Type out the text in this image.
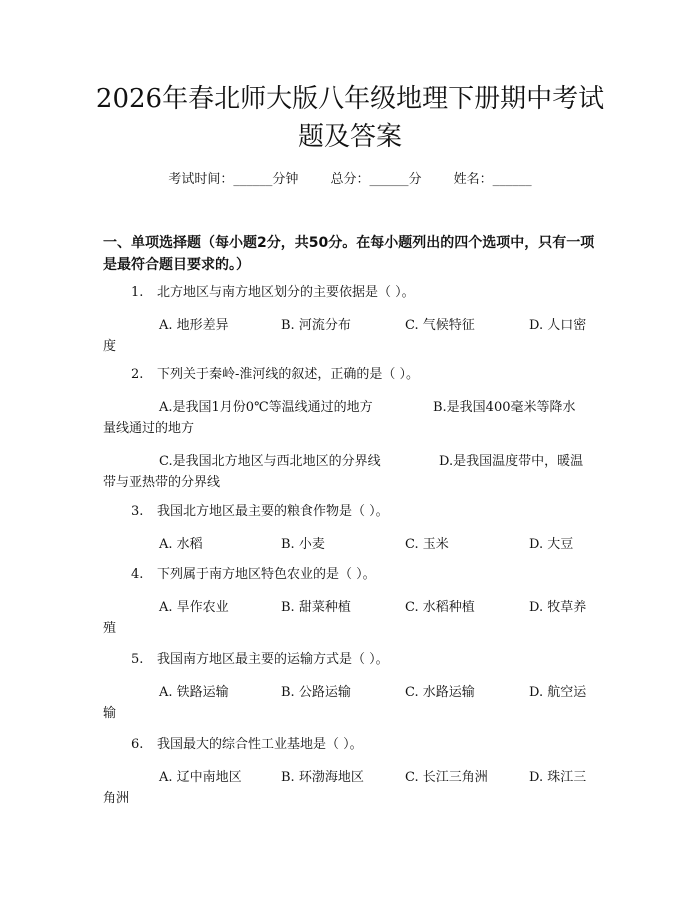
2026年春北师大版八年级地理下册期中考试题及答案
考试时间：______分钟 总分：______分 姓名：______
一、单项选择题（每小题2分，共50分。在每小题列出的四个选项中，只有一项
是最符合题目要求的。）
1. 北方地区与南方地区划分的主要依据是（ ）。
A. 地形差异	B. 河流分布	C. 气候特征	D. 人口密
度
2. 下列关于秦岭-淮河线的叙述，正确的是（ ）。
A.是我国1月份0℃等温线通过的地方	B.是我国400毫米等降水
量线通过的地方
C.是我国北方地区与西北地区的分界线	D.是我国温度带中，暖温
带与亚热带的分界线
3. 我国北方地区最主要的粮食作物是（ ）。
A. 水稻	B. 小麦	C. 玉米	D. 大豆
4. 下列属于南方地区特色农业的是（ ）。
A. 旱作农业	B. 甜菜种植	C. 水稻种植	D. 牧草养
殖
5. 我国南方地区最主要的运输方式是（ ）。
A. 铁路运输	B. 公路运输	C. 水路运输	D. 航空运
输
6. 我国最大的综合性工业基地是（ ）。
A. 辽中南地区	B. 环渤海地区	C. 长江三角洲	D. 珠江三
角洲
